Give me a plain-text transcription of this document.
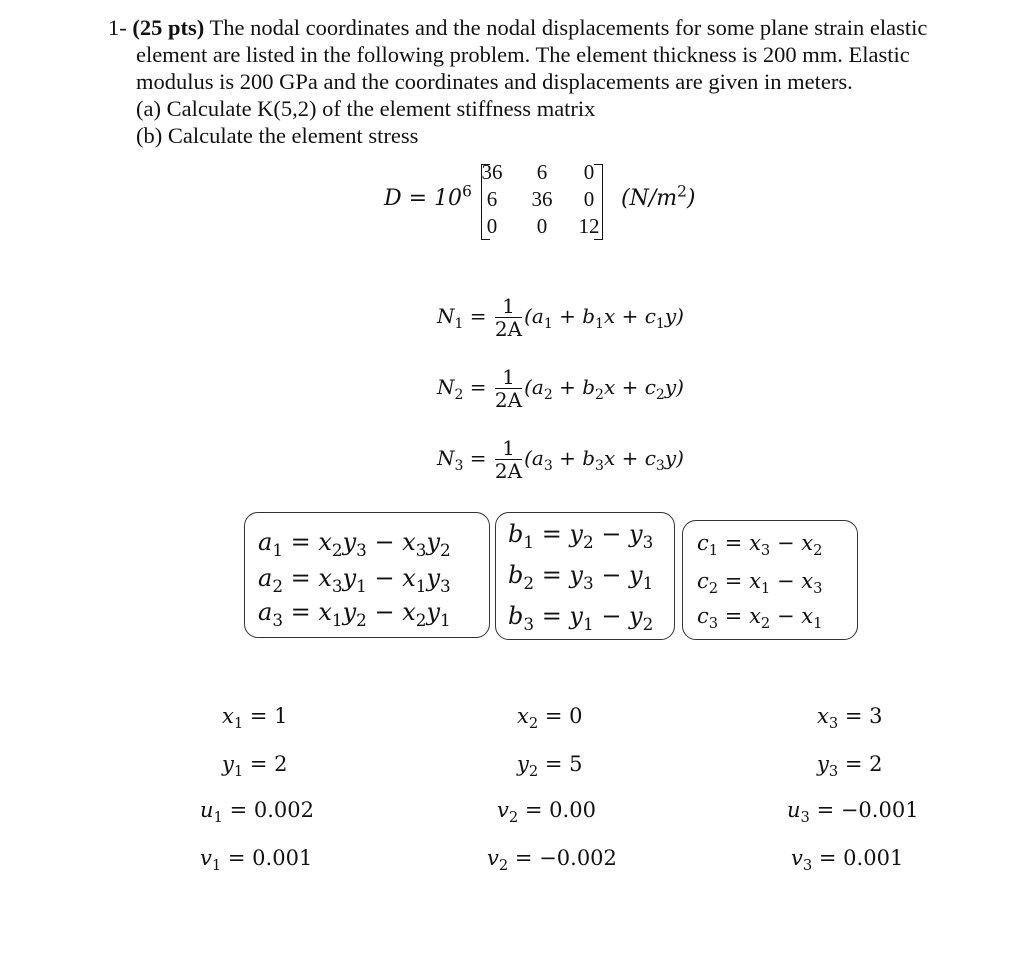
1- (25 pts) The nodal coordinates and the nodal displacements for some plane strain elastic
element are listed in the following problem. The element thickness is 200 mm. Elastic
modulus is 200 GPa and the coordinates and displacements are given in meters.
(a) Calculate K(5,2) of the element stiffness matrix
(b) Calculate the element stress
$D = 10^6$
36	6	0
6	36	0
0	0	12
$(N/m^2)$
$N_1 = \frac{1}{2A} (a_1 + b_1x + c_1y)$
$N_2 = \frac{1}{2A} (a_2 + b_2x + c_2y)$
$N_3 = \frac{1}{2A} (a_3 + b_3x + c_3y)$
$a_1 = x_2y_3 - x_3y_2$
$a_2 = x_3y_1 - x_1y_3$
$a_3 = x_1y_2 - x_2y_1$
$b_1 = y_2 - y_3$
$b_2 = y_3 - y_1$
$b_3 = y_1 - y_2$
$c_1 = x_3 - x_2$
$c_2 = x_1 - x_3$
$c_3 = x_2 - x_1$
$x_1 = 1$
$y_1 = 2$
$u_1 = 0.002$
$v_1 = 0.001$
$x_2 = 0$
$y_2 = 5$
$v_2 = 0.00$
$v_2 = -0.002$
$x_3 = 3$
$y_3 = 2$
$u_3 = -0.001$
$v_3 = 0.001$
